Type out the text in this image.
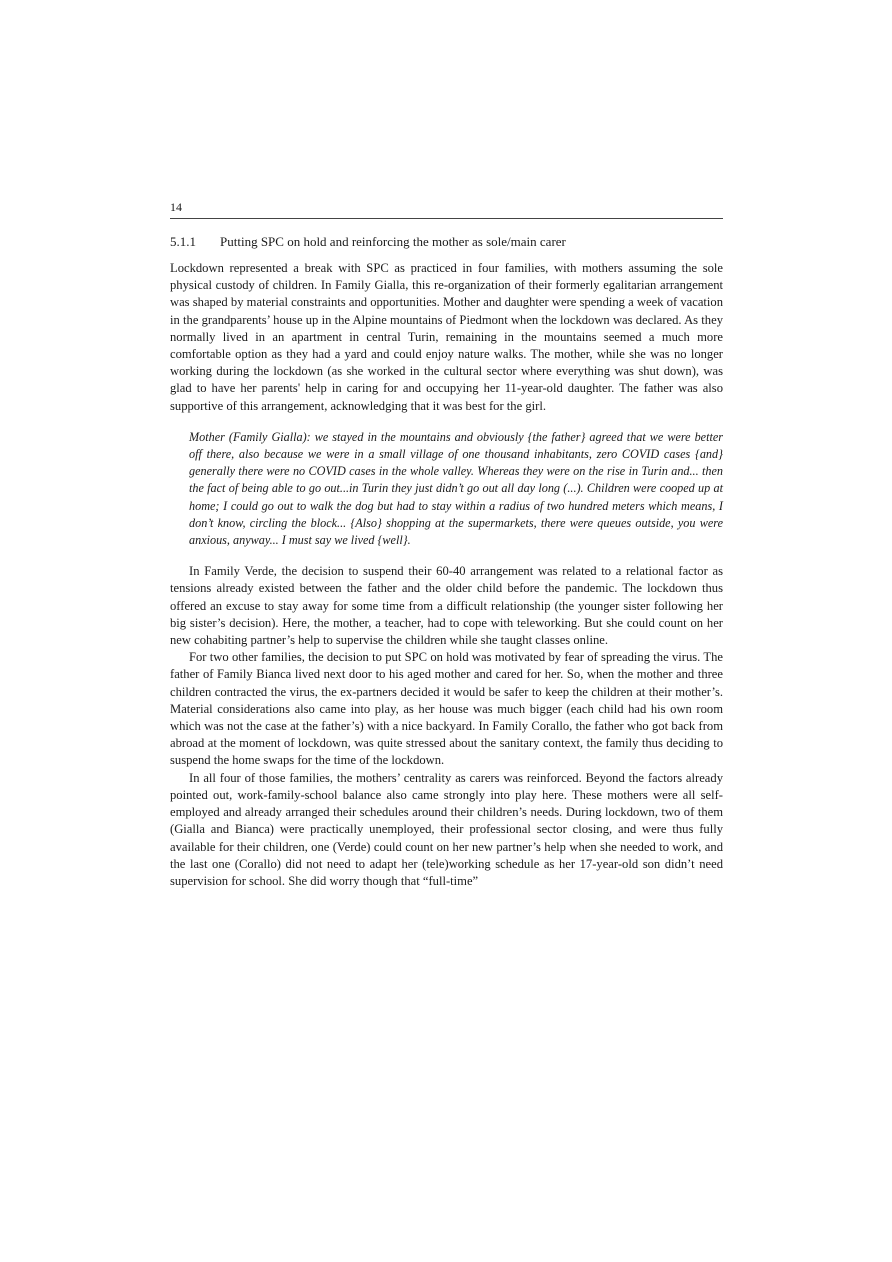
14
5.1.1 Putting SPC on hold and reinforcing the mother as sole/main carer

Lockdown represented a break with SPC as practiced in four families, with mothers assuming the sole physical custody of children. In Family Gialla, this re-organization of their formerly egalitarian arrangement was shaped by material constraints and opportunities. Mother and daughter were spending a week of vacation in the grandparents’ house up in the Alpine mountains of Piedmont when the lockdown was declared. As they normally lived in an apartment in central Turin, remaining in the mountains seemed a much more comfortable option as they had a yard and could enjoy nature walks. The mother, while she was no longer working during the lockdown (as she worked in the cultural sector where everything was shut down), was glad to have her parents' help in caring for and occupying her 11-year-old daughter. The father was also supportive of this arrangement, acknowledging that it was best for the girl.

Mother (Family Gialla): we stayed in the mountains and obviously {the father} agreed that we were better off there, also because we were in a small village of one thousand inhabitants, zero COVID cases {and} generally there were no COVID cases in the whole valley. Whereas they were on the rise in Turin and... then the fact of being able to go out...in Turin they just didn’t go out all day long (...). Children were cooped up at home; I could go out to walk the dog but had to stay within a radius of two hundred meters which means, I don’t know, circling the block... {Also} shopping at the supermarkets, there were queues outside, you were anxious, anyway... I must say we lived {well}.

In Family Verde, the decision to suspend their 60-40 arrangement was related to a relational factor as tensions already existed between the father and the older child before the pandemic. The lockdown thus offered an excuse to stay away for some time from a difficult relationship (the younger sister following her big sister’s decision). Here, the mother, a teacher, had to cope with teleworking. But she could count on her new cohabiting partner’s help to supervise the children while she taught classes online.

For two other families, the decision to put SPC on hold was motivated by fear of spreading the virus. The father of Family Bianca lived next door to his aged mother and cared for her. So, when the mother and three children contracted the virus, the ex-partners decided it would be safer to keep the children at their mother’s. Material considerations also came into play, as her house was much bigger (each child had his own room which was not the case at the father’s) with a nice backyard. In Family Corallo, the father who got back from abroad at the moment of lockdown, was quite stressed about the sanitary context, the family thus deciding to suspend the home swaps for the time of the lockdown.

In all four of those families, the mothers’ centrality as carers was reinforced. Beyond the factors already pointed out, work-family-school balance also came strongly into play here. These mothers were all self-employed and already arranged their schedules around their children’s needs. During lockdown, two of them (Gialla and Bianca) were practically unemployed, their professional sector closing, and were thus fully available for their children, one (Verde) could count on her new partner’s help when she needed to work, and the last one (Corallo) did not need to adapt her (tele)working schedule as her 17-year-old son didn’t need supervision for school. She did worry though that “full-time”
